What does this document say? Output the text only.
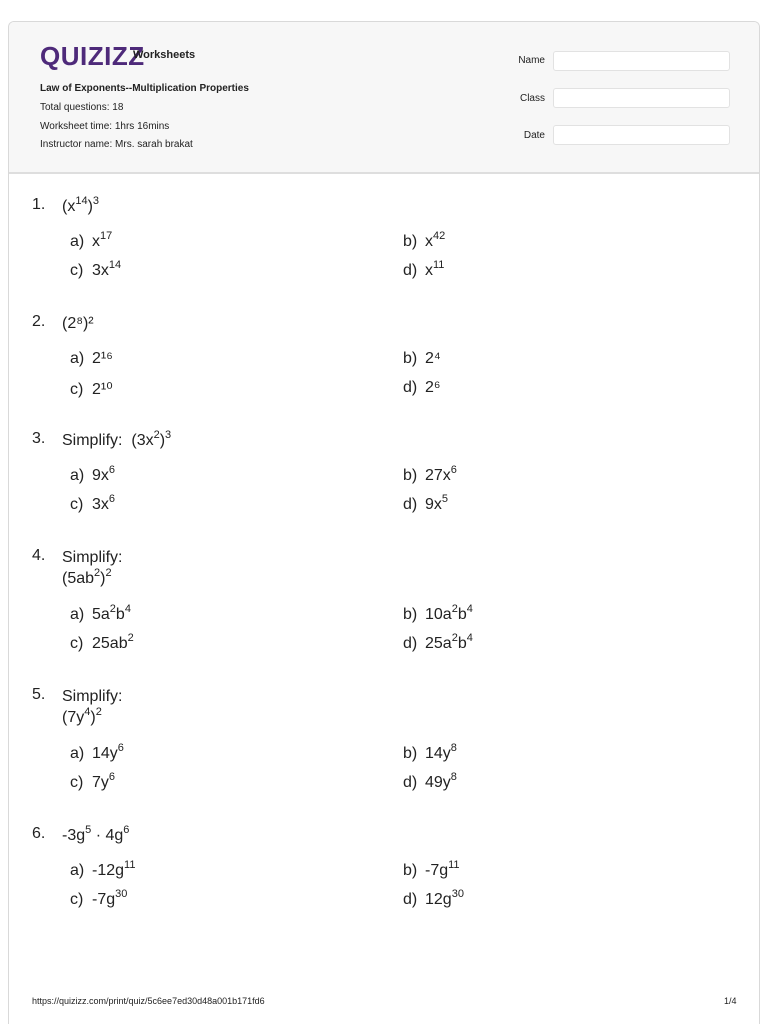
QUIZIZZ
Worksheets
Law of Exponents--Multiplication Properties
Total questions: 18
Worksheet time: 1hrs 16mins
Instructor name: Mrs. sarah brakat
Name
Class
Date
1.	$(x^{14})^3$
a) $x^{17}$	b) $x^{42}$
c) $3x^{14}$	d) $x^{11}$
2.	(2⁸)²
a) 2¹⁶	b) 2⁴
c) 2¹⁰	d) 2⁶
3.	Simplify:  $(3x^2)^3$
a) $9x^6$	b) $27x^6$
c) $3x^6$	d) $9x^5$
4.	Simplify:
$(5ab^2)^2$
a) $5a^2b^4$	b) $10a^2b^4$
c) $25ab^2$	d) $25a^2b^4$
5.	Simplify:
$(7y^4)^2$
a) $14y^6$	b) $14y^8$
c) $7y^6$	d) $49y^8$
6.	$-3g^5 \cdot 4g^6$
a) $-12g^{11}$	b) $-7g^{11}$
c) $-7g^{30}$	d) $12g^{30}$
https://quizizz.com/print/quiz/5c6ee7ed30d48a001b171fd6	1/4
